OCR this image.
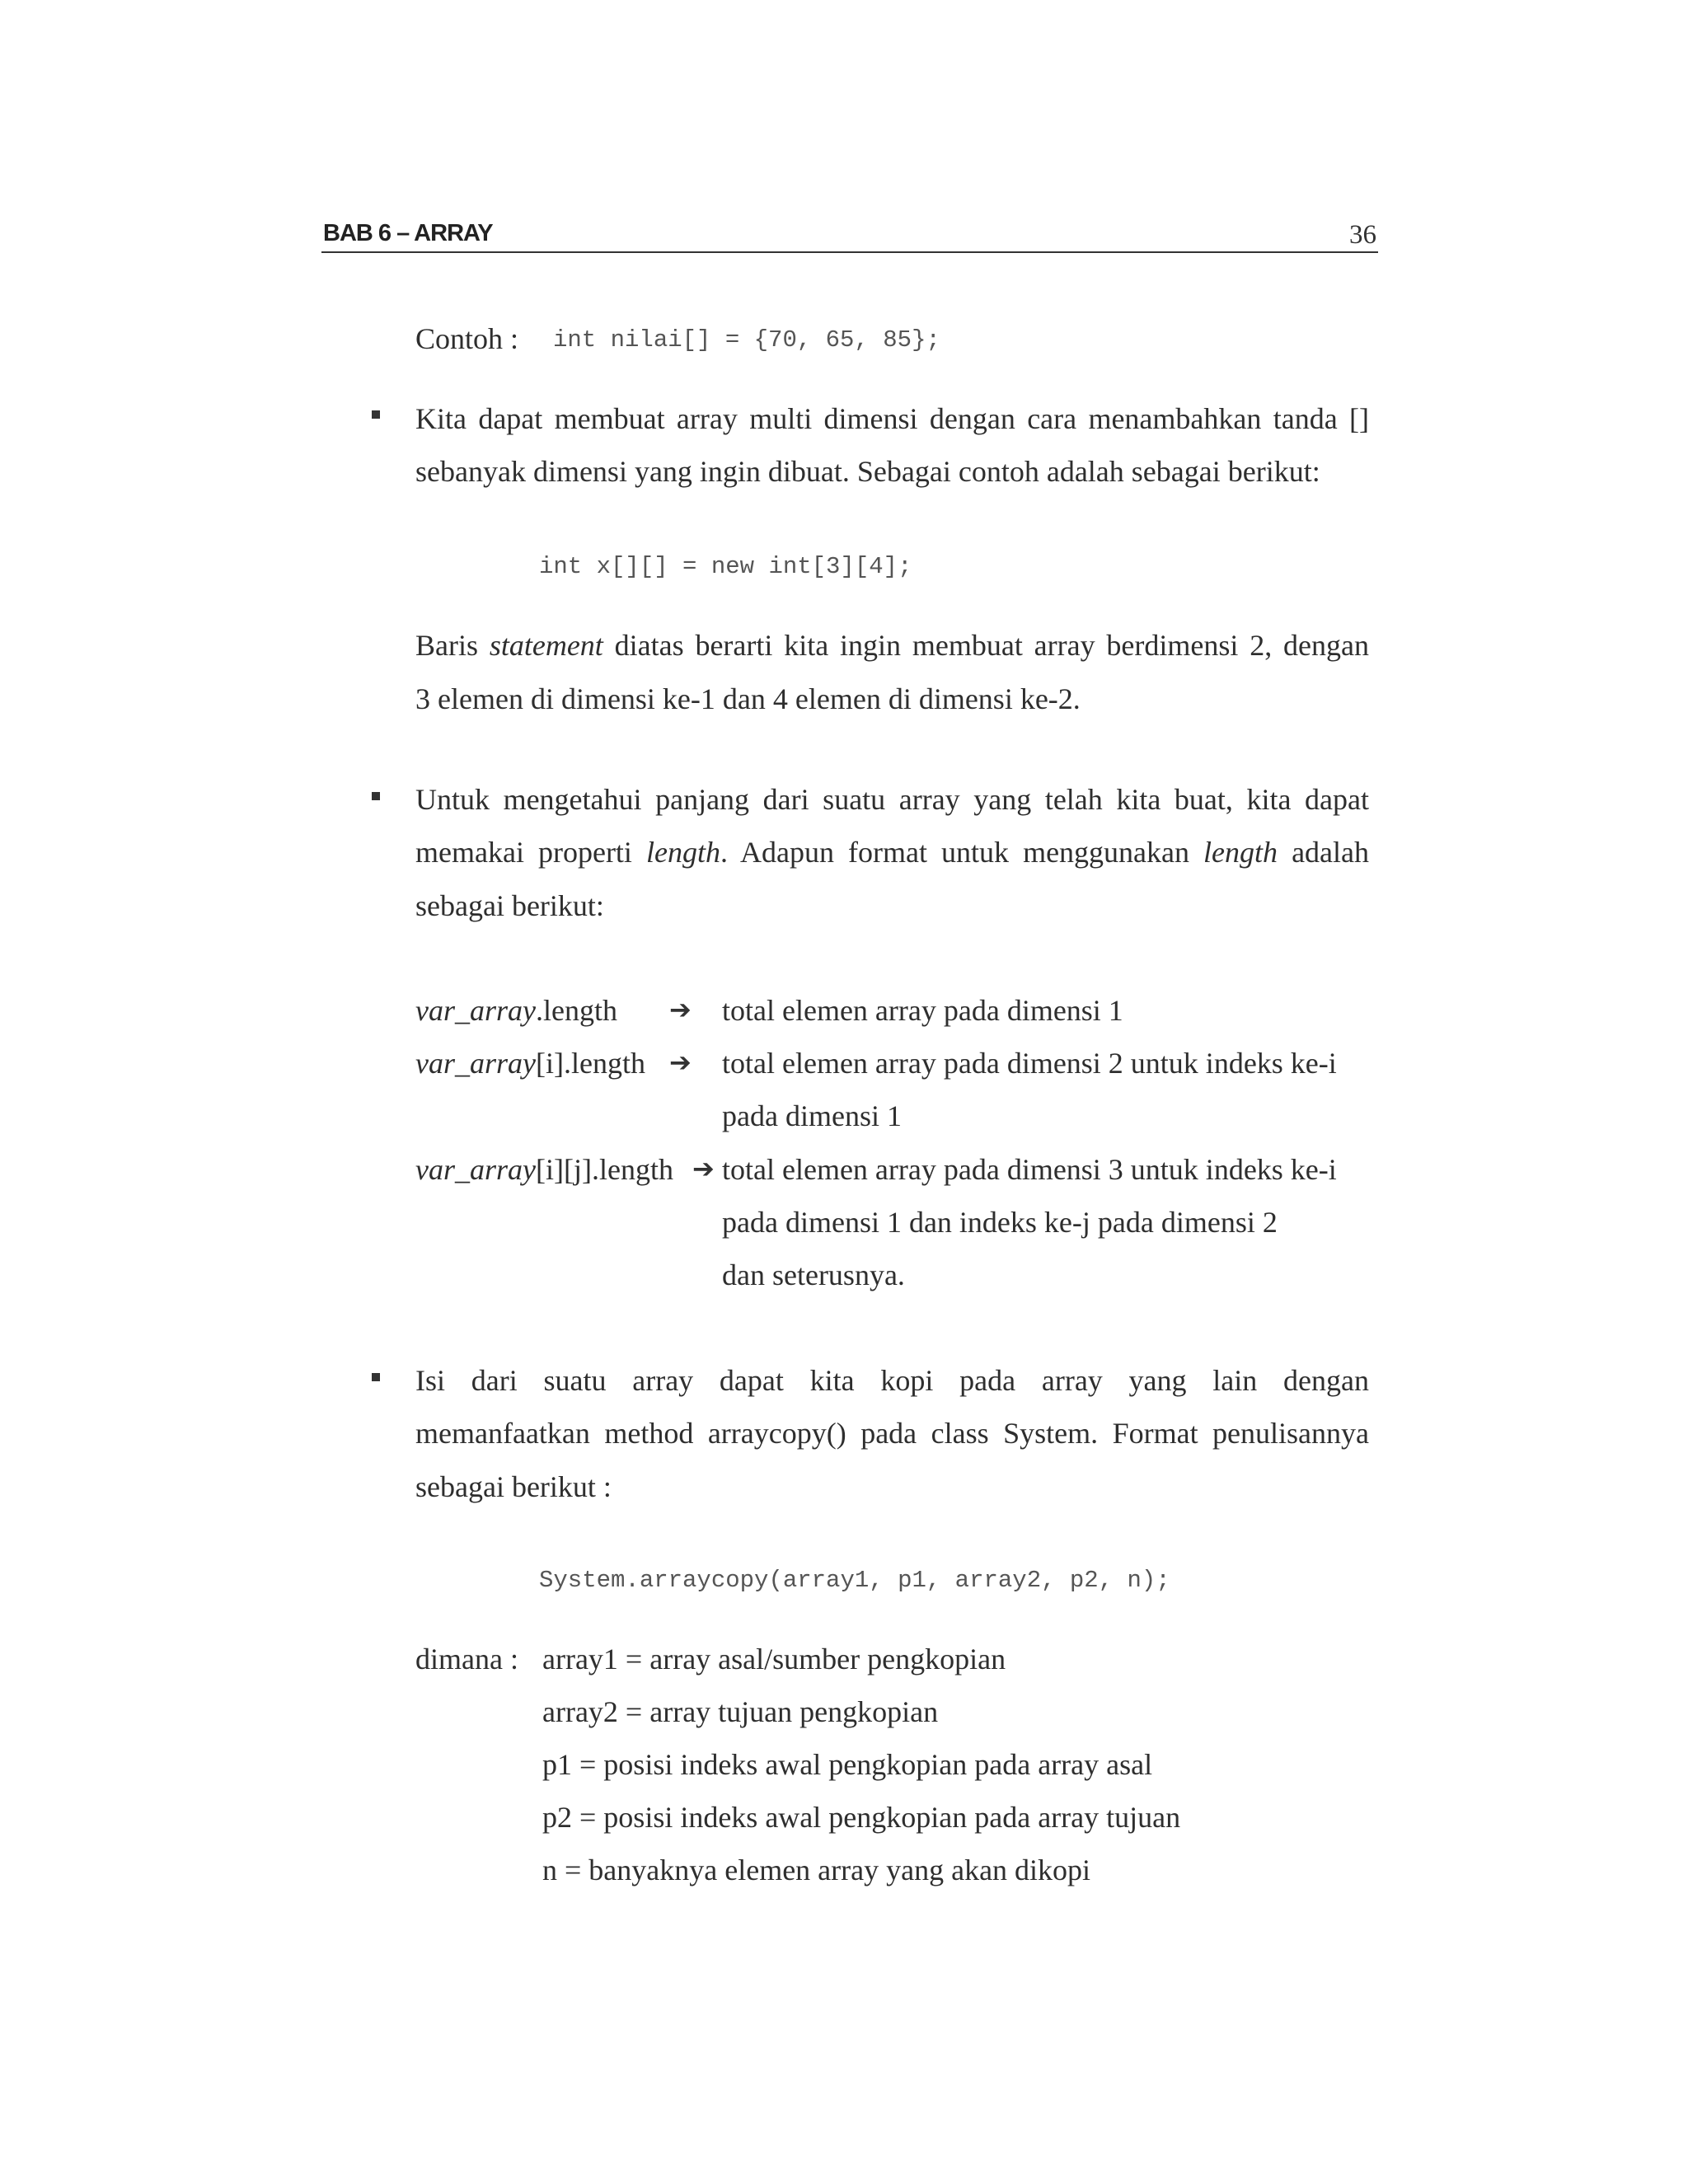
BAB 6 – ARRAY	36
Contoh : int nilai[] = {70, 65, 85};
Kita dapat membuat array multi dimensi dengan cara menambahkan tanda []
sebanyak dimensi yang ingin dibuat. Sebagai contoh adalah sebagai berikut:
int x[][] = new int[3][4];
Baris statement diatas berarti kita ingin membuat array berdimensi 2, dengan
3 elemen di dimensi ke-1 dan 4 elemen di dimensi ke-2.
Untuk mengetahui panjang dari suatu array yang telah kita buat, kita dapat
memakai properti length. Adapun format untuk menggunakan length adalah
sebagai berikut:
var_array.length ➔ total elemen array pada dimensi 1
var_array[i].length ➔ total elemen array pada dimensi 2 untuk indeks ke-i
pada dimensi 1
var_array[i][j].length ➔ total elemen array pada dimensi 3 untuk indeks ke-i
pada dimensi 1 dan indeks ke-j pada dimensi 2
dan seterusnya.
Isi dari suatu array dapat kita kopi pada array yang lain dengan
memanfaatkan method arraycopy() pada class System. Format penulisannya
sebagai berikut :
System.arraycopy(array1, p1, array2, p2, n);
dimana : array1 = array asal/sumber pengkopian
array2 = array tujuan pengkopian
p1 = posisi indeks awal pengkopian pada array asal
p2 = posisi indeks awal pengkopian pada array tujuan
n = banyaknya elemen array yang akan dikopi
